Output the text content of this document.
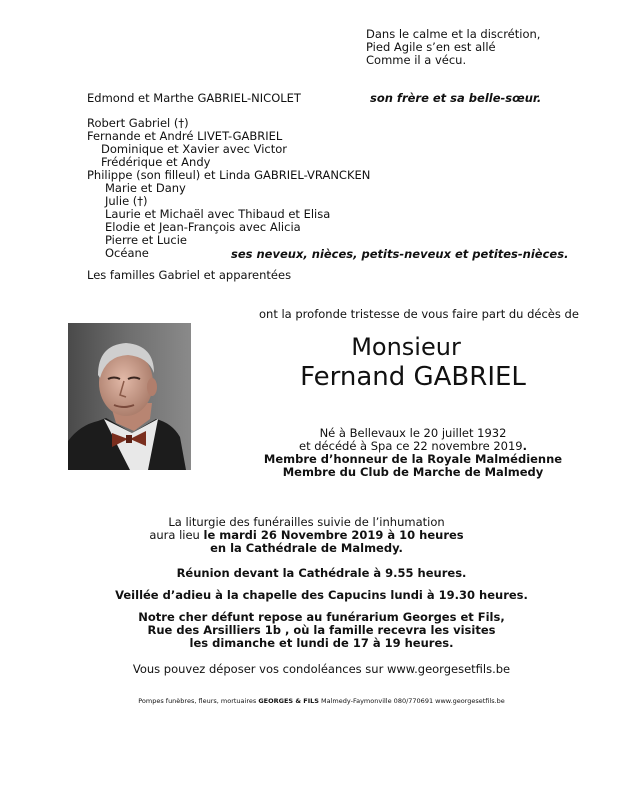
Dans le calme et la discrétion,
Pied Agile s’en est allé
Comme il a vécu.
Edmond et Marthe GABRIEL-NICOLET	son frère et sa belle-sœur.
Robert Gabriel (†)
Fernande et André LIVET-GABRIEL
Dominique et Xavier avec Victor
Frédérique et Andy
Philippe (son filleul) et Linda GABRIEL-VRANCKEN
Marie et Dany
Julie (†)
Laurie et Michaël avec Thibaud et Elisa
Elodie et Jean-François avec Alicia
Pierre et Lucie
Océane	ses neveux, nièces, petits-neveux et petites-nièces.
Les familles Gabriel et apparentées
ont la profonde tristesse de vous faire part du décès de
Monsieur
Fernand GABRIEL
Né à Bellevaux le 20 juillet 1932
et décédé à Spa ce 22 novembre 2019.
Membre d’honneur de la Royale Malmédienne
Membre du Club de Marche de Malmedy
La liturgie des funérailles suivie de l’inhumation
aura lieu le mardi 26 Novembre 2019 à 10 heures
en la Cathédrale de Malmedy.
Réunion devant la Cathédrale à 9.55 heures.
Veillée d’adieu à la chapelle des Capucins lundi à 19.30 heures.
Notre cher défunt repose au funérarium Georges et Fils,
Rue des Arsilliers 1b , où la famille recevra les visites
les dimanche et lundi de 17 à 19 heures.
Vous pouvez déposer vos condoléances sur www.georgesetfils.be
Pompes funèbres, fleurs, mortuaires GEORGES & FILS Malmedy-Faymonville 080/770691 www.georgesetfils.be
